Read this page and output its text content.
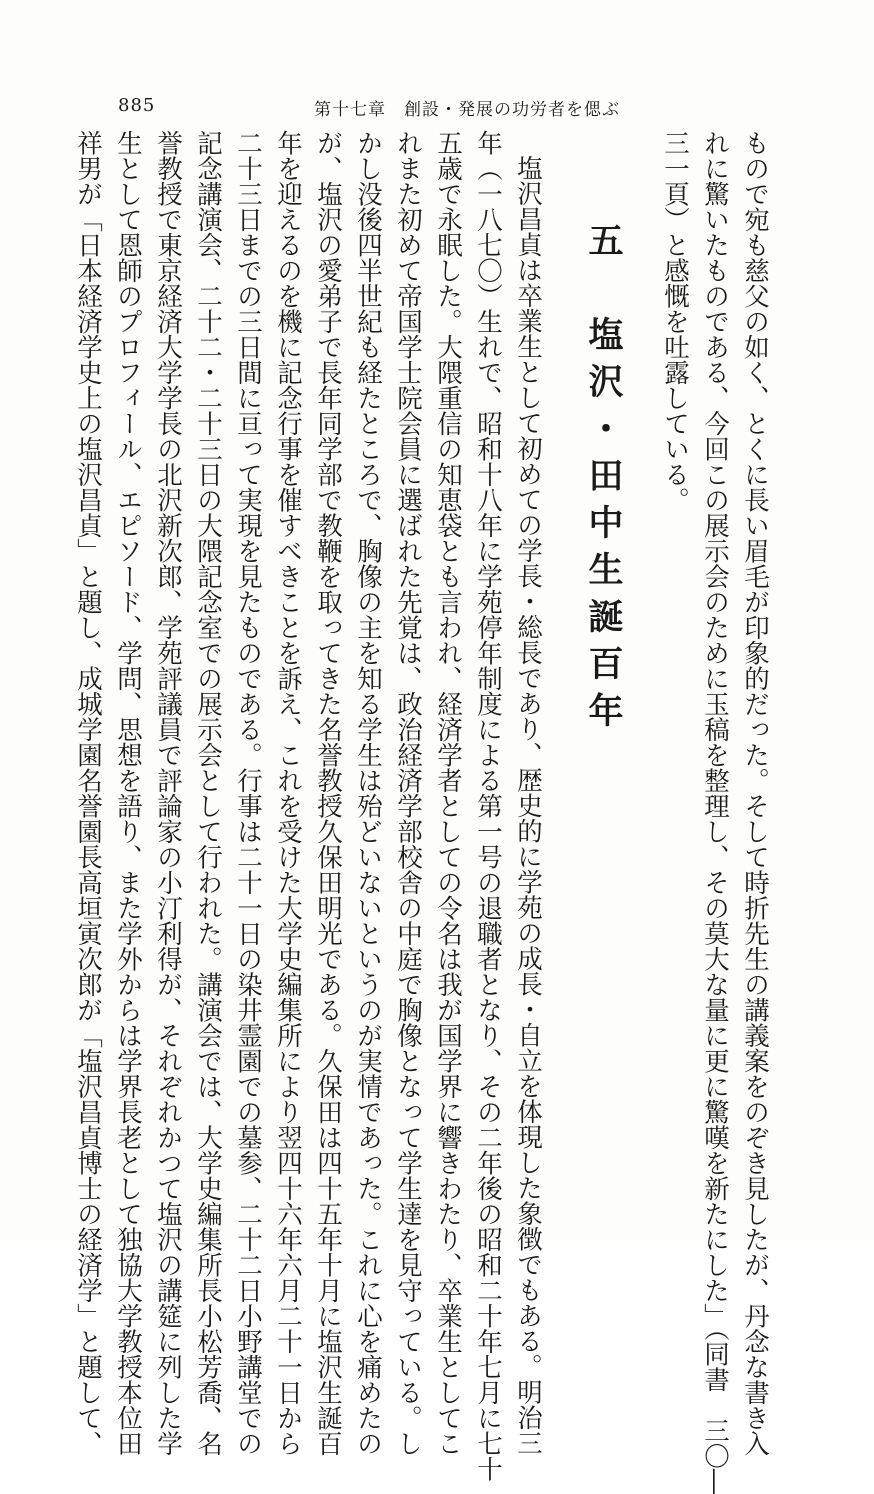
885	第十七章　創設・発展の功労者を偲ぶ

もので宛も慈父の如く、とくに長い眉毛が印象的だった。そして時折先生の講義案をのぞき見したが、丹念な書き入

れに驚いたものである、今回この展示会のために玉稿を整理し、その莫大な量に更に驚嘆を新たにした」（同書　三〇―

三一頁）と感慨を吐露している。

五　塩沢・田中生誕百年

塩沢昌貞は卒業生として初めての学長・総長であり、歴史的に学苑の成長・自立を体現した象徴でもある。明治三

年（一八七〇）生れで、昭和十八年に学苑停年制度による第一号の退職者となり、その二年後の昭和二十年七月に七十

五歳で永眠した。大隈重信の知恵袋とも言われ、経済学者としての令名は我が国学界に響きわたり、卒業生としてこ

れまた初めて帝国学士院会員に選ばれた先覚は、政治経済学部校舎の中庭で胸像となって学生達を見守っている。し

かし没後四半世紀も経たところで、胸像の主を知る学生は殆どいないというのが実情であった。これに心を痛めたの

が、塩沢の愛弟子で長年同学部で教鞭を取ってきた名誉教授久保田明光である。久保田は四十五年十月に塩沢生誕百

年を迎えるのを機に記念行事を催すべきことを訴え、これを受けた大学史編集所により翌四十六年六月二十一日から

二十三日までの三日間に亘って実現を見たものである。行事は二十一日の染井霊園での墓参、二十二日小野講堂での

記念講演会、二十二・二十三日の大隈記念室での展示会として行われた。講演会では、大学史編集所長小松芳喬、名

誉教授で東京経済大学学長の北沢新次郎、学苑評議員で評論家の小汀利得が、それぞれかつて塩沢の講筵に列した学

生として恩師のプロフィール、エピソード、学問、思想を語り、また学外からは学界長老として独協大学教授本位田

祥男が「日本経済学史上の塩沢昌貞」と題し、成城学園名誉園長高垣寅次郎が「塩沢昌貞博士の経済学」と題して、
